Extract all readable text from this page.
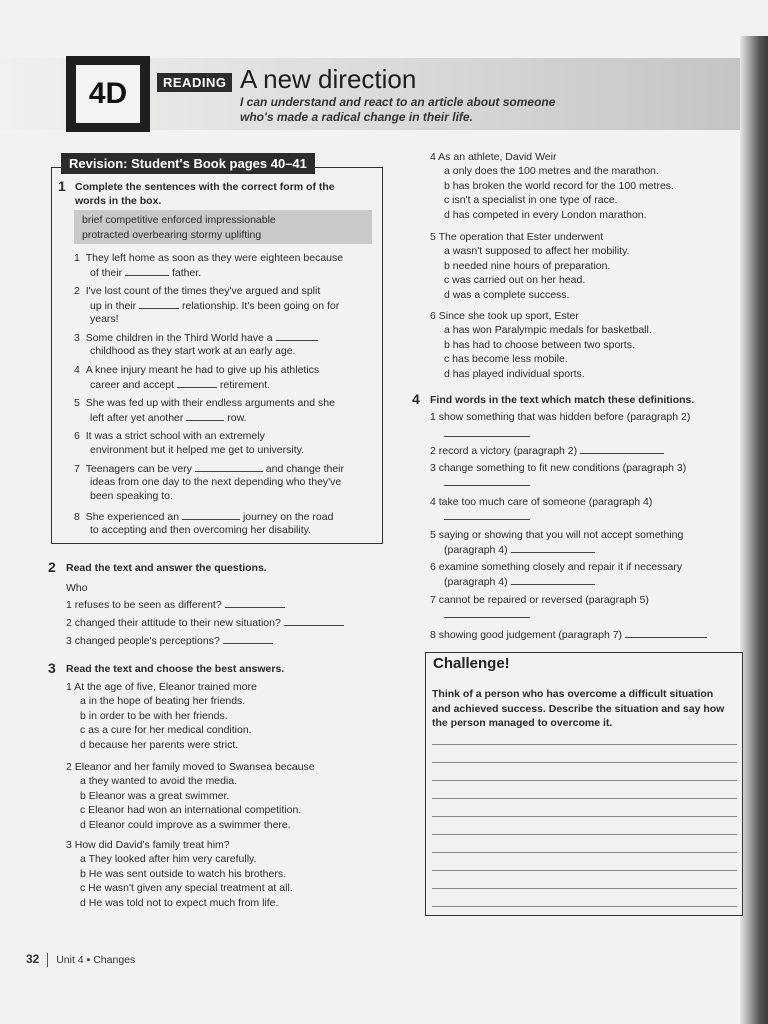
4D	READING A new direction
I can understand and react to an article about someone
who's made a radical change in their life.
Revision: Student's Book pages 40–41
1 Complete the sentences with the correct form of the
words in the box.
brief competitive enforced impressionable
protracted overbearing stormy uplifting
1 They left home as soon as they were eighteen because
of their	father.
2 I've lost count of the times they've argued and split
up in their	relationship. It's been going on for
years!
3 Some children in the Third World have a
childhood as they start work at an early age.
4 A knee injury meant he had to give up his athletics
career and accept	retirement.
5 She was fed up with their endless arguments and she
left after yet another	row.
6 It was a strict school with an extremely
environment but it helped me get to university.
7 Teenagers can be very	and change their
ideas from one day to the next depending who they've
been speaking to.
8 She experienced an	journey on the road
to accepting and then overcoming her disability.
2 Read the text and answer the questions.
Who
1 refuses to be seen as different?
2 changed their attitude to their new situation?
3 changed people's perceptions?
3 Read the text and choose the best answers.
1 At the age of five, Eleanor trained more
a in the hope of beating her friends.
b in order to be with her friends.
c as a cure for her medical condition.
d because her parents were strict.
2 Eleanor and her family moved to Swansea because
a they wanted to avoid the media.
b Eleanor was a great swimmer.
c Eleanor had won an international competition.
d Eleanor could improve as a swimmer there.
3 How did David's family treat him?
a They looked after him very carefully.
b He was sent outside to watch his brothers.
c He wasn't given any special treatment at all.
d He was told not to expect much from life.
4 As an athlete, David Weir
a only does the 100 metres and the marathon.
b has broken the world record for the 100 metres.
c isn't a specialist in one type of race.
d has competed in every London marathon.
5 The operation that Ester underwent
a wasn't supposed to affect her mobility.
b needed nine hours of preparation.
c was carried out on her head.
d was a complete success.
6 Since she took up sport, Ester
a has won Paralympic medals for basketball.
b has had to choose between two sports.
c has become less mobile.
d has played individual sports.
4 Find words in the text which match these definitions.
1 show something that was hidden before (paragraph 2)
2 record a victory (paragraph 2)
3 change something to fit new conditions (paragraph 3)
4 take too much care of someone (paragraph 4)
5 saying or showing that you will not accept something
(paragraph 4)
6 examine something closely and repair it if necessary
(paragraph 4)
7 cannot be repaired or reversed (paragraph 5)
8 showing good judgement (paragraph 7)
Challenge!
Think of a person who has overcome a difficult situation
and achieved success. Describe the situation and say how
the person managed to overcome it.
32 Unit 4 ▪ Changes
